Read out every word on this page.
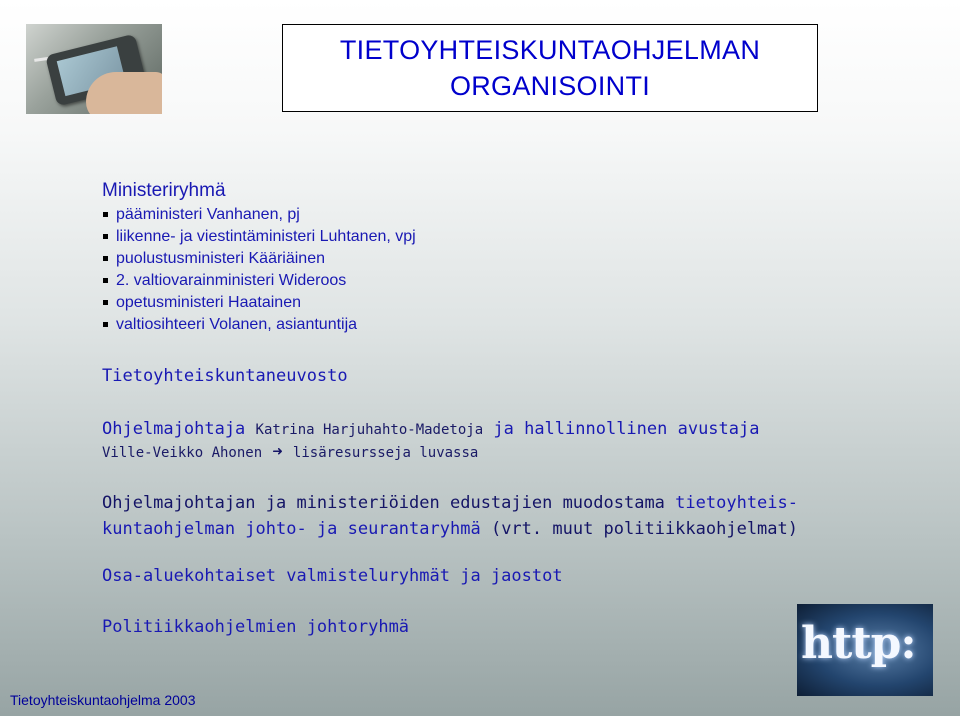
TIETOYHTEISKUNTAOHJELMAN
ORGANISOINTI
Ministeriryhmä
pääministeri Vanhanen, pj
liikenne- ja viestintäministeri Luhtanen, vpj
puolustusministeri Kääriäinen
2. valtiovarainministeri Wideroos
opetusministeri Haatainen
valtiosihteeri Volanen, asiantuntija
Tietoyhteiskuntaneuvosto
Ohjelmajohtaja Katrina Harjuhahto-Madetoja ja hallinnollinen avustaja
Ville-Veikko Ahonen ➜ lisäresursseja luvassa
Ohjelmajohtajan ja ministeriöiden edustajien muodostama tietoyhteis-
kuntaohjelman johto- ja seurantaryhmä (vrt. muut politiikkaohjelmat)
Osa-aluekohtaiset valmisteluryhmät ja jaostot
Politiikkaohjelmien johtoryhmä	http:
Tietoyhteiskuntaohjelma 2003
